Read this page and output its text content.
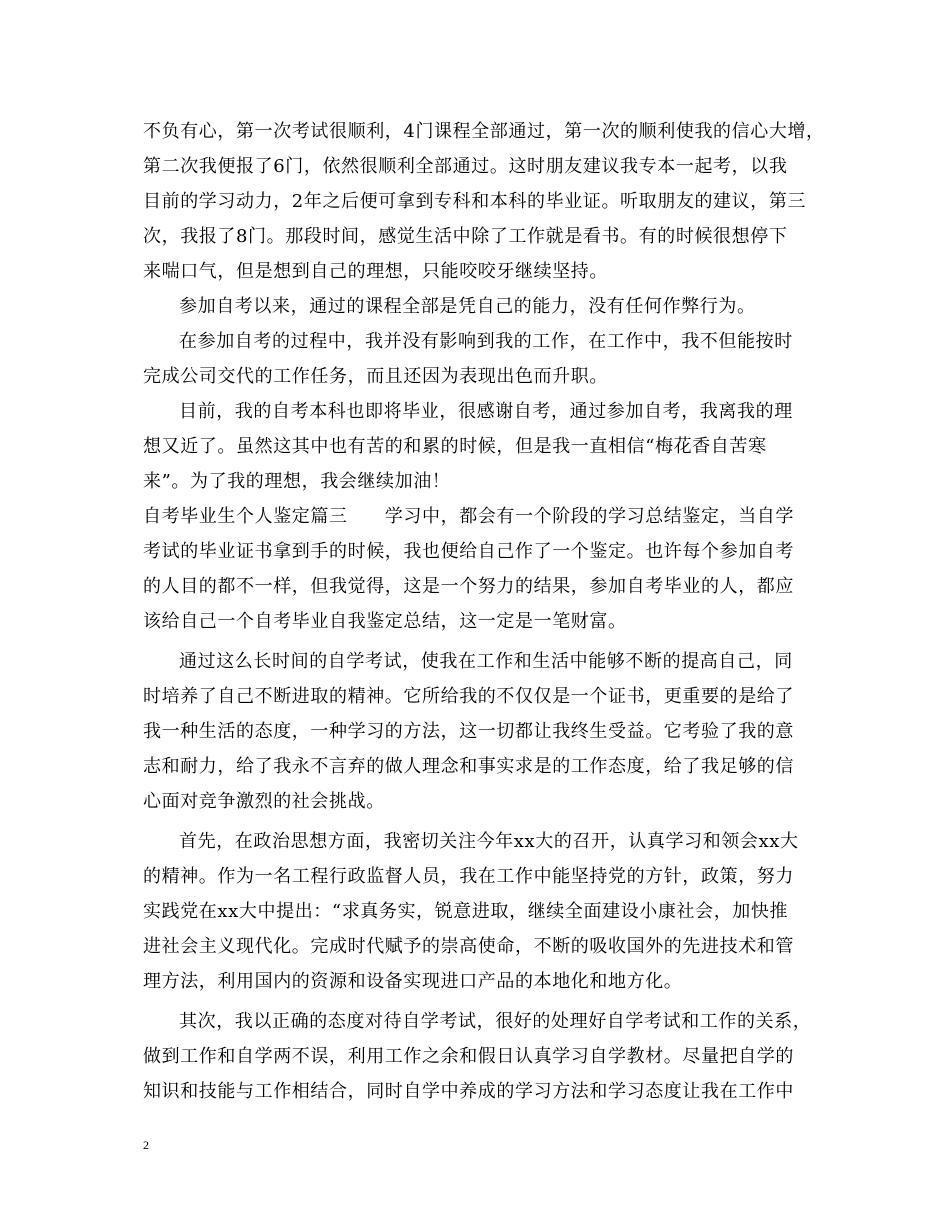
不负有心，第一次考试很顺利，4门课程全部通过，第一次的顺利使我的信心大增，
第二次我便报了6门，依然很顺利全部通过。这时朋友建议我专本一起考，以我
目前的学习动力，2年之后便可拿到专科和本科的毕业证。听取朋友的建议，第三
次，我报了8门。那段时间，感觉生活中除了工作就是看书。有的时候很想停下
来喘口气，但是想到自己的理想，只能咬咬牙继续坚持。
参加自考以来，通过的课程全部是凭自己的能力，没有任何作弊行为。
在参加自考的过程中，我并没有影响到我的工作，在工作中，我不但能按时
完成公司交代的工作任务，而且还因为表现出色而升职。
目前，我的自考本科也即将毕业，很感谢自考，通过参加自考，我离我的理
想又近了。虽然这其中也有苦的和累的时候，但是我一直相信“梅花香自苦寒
来”。为了我的理想，我会继续加油！
自考毕业生个人鉴定篇三　　学习中，都会有一个阶段的学习总结鉴定，当自学
考试的毕业证书拿到手的时候，我也便给自己作了一个鉴定。也许每个参加自考
的人目的都不一样，但我觉得，这是一个努力的结果，参加自考毕业的人，都应
该给自己一个自考毕业自我鉴定总结，这一定是一笔财富。
通过这么长时间的自学考试，使我在工作和生活中能够不断的提高自己，同
时培养了自己不断进取的精神。它所给我的不仅仅是一个证书，更重要的是给了
我一种生活的态度，一种学习的方法，这一切都让我终生受益。它考验了我的意
志和耐力，给了我永不言弃的做人理念和事实求是的工作态度，给了我足够的信
心面对竞争激烈的社会挑战。
首先，在政治思想方面，我密切关注今年xx大的召开，认真学习和领会xx大
的精神。作为一名工程行政监督人员，我在工作中能坚持党的方针，政策，努力
实践党在xx大中提出：“求真务实，锐意进取，继续全面建设小康社会，加快推
进社会主义现代化。完成时代赋予的崇高使命，不断的吸收国外的先进技术和管
理方法，利用国内的资源和设备实现进口产品的本地化和地方化。
其次，我以正确的态度对待自学考试，很好的处理好自学考试和工作的关系，
做到工作和自学两不误，利用工作之余和假日认真学习自学教材。尽量把自学的
知识和技能与工作相结合，同时自学中养成的学习方法和学习态度让我在工作中
2
